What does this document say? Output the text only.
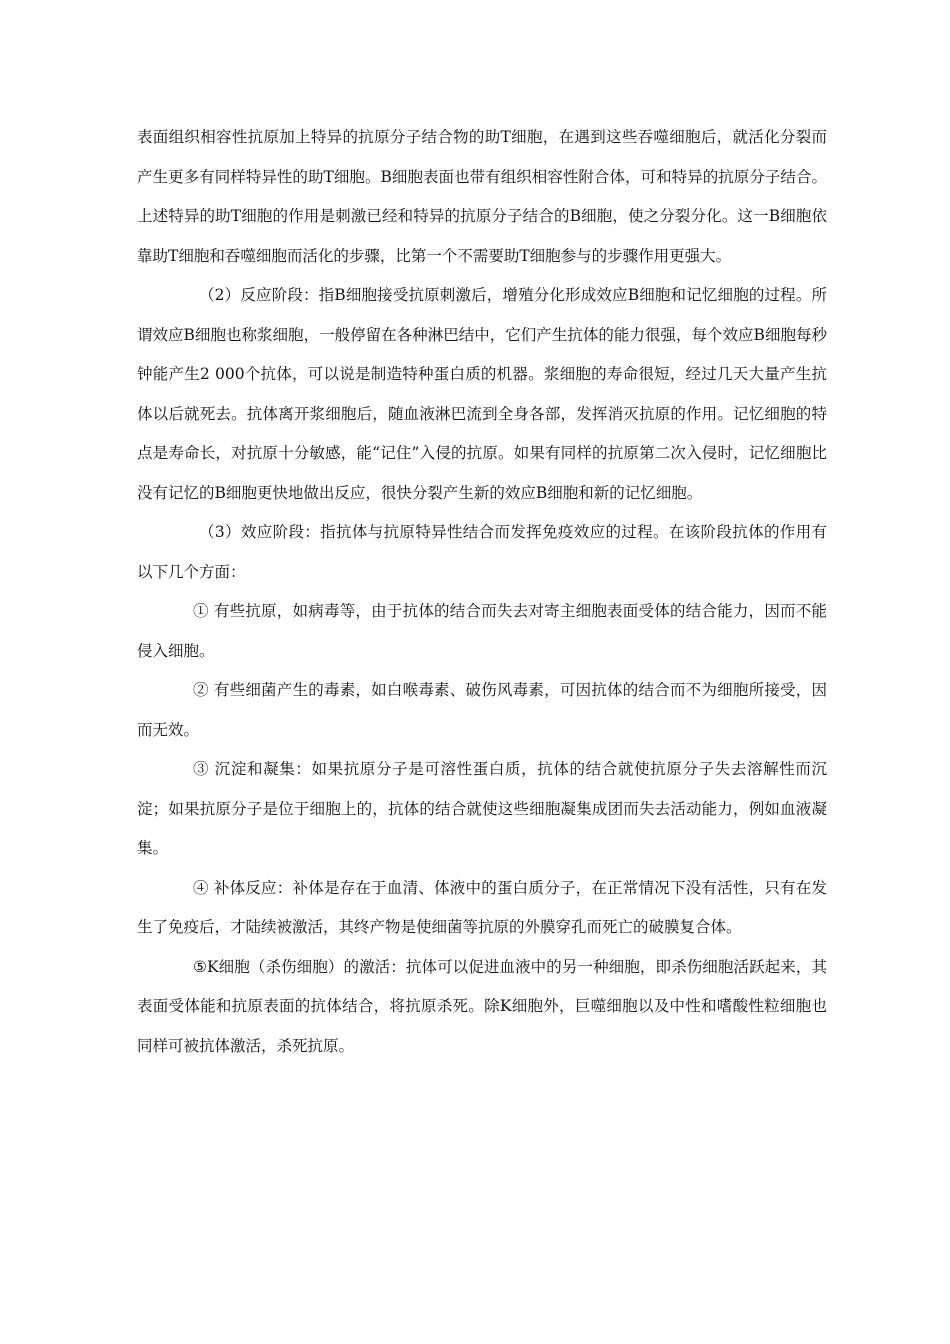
表面组织相容性抗原加上特异的抗原分子结合物的助T细胞，在遇到这些吞噬细胞后，就活化分裂而产生更多有同样特异性的助T细胞。B细胞表面也带有组织相容性附合体，可和特异的抗原分子结合。上述特异的助T细胞的作用是刺激已经和特异的抗原分子结合的B细胞，使之分裂分化。这一B细胞依靠助T细胞和吞噬细胞而活化的步骤，比第一个不需要助T细胞参与的步骤作用更强大。

（2）反应阶段：指B细胞接受抗原刺激后，增殖分化形成效应B细胞和记忆细胞的过程。所谓效应B细胞也称浆细胞，一般停留在各种淋巴结中，它们产生抗体的能力很强，每个效应B细胞每秒钟能产生2 000个抗体，可以说是制造特种蛋白质的机器。浆细胞的寿命很短，经过几天大量产生抗体以后就死去。抗体离开浆细胞后，随血液淋巴流到全身各部，发挥消灭抗原的作用。记忆细胞的特点是寿命长，对抗原十分敏感，能“记住”入侵的抗原。如果有同样的抗原第二次入侵时，记忆细胞比没有记忆的B细胞更快地做出反应，很快分裂产生新的效应B细胞和新的记忆细胞。

（3）效应阶段：指抗体与抗原特异性结合而发挥免疫效应的过程。在该阶段抗体的作用有以下几个方面：

① 有些抗原，如病毒等，由于抗体的结合而失去对寄主细胞表面受体的结合能力，因而不能侵入细胞。

② 有些细菌产生的毒素，如白喉毒素、破伤风毒素，可因抗体的结合而不为细胞所接受，因而无效。

③ 沉淀和凝集：如果抗原分子是可溶性蛋白质，抗体的结合就使抗原分子失去溶解性而沉淀；如果抗原分子是位于细胞上的，抗体的结合就使这些细胞凝集成团而失去活动能力，例如血液凝集。

④ 补体反应：补体是存在于血清、体液中的蛋白质分子，在正常情况下没有活性，只有在发生了免疫后，才陆续被激活，其终产物是使细菌等抗原的外膜穿孔而死亡的破膜复合体。

⑤K细胞（杀伤细胞）的激活：抗体可以促进血液中的另一种细胞，即杀伤细胞活跃起来，其表面受体能和抗原表面的抗体结合，将抗原杀死。除K细胞外，巨噬细胞以及中性和嗜酸性粒细胞也同样可被抗体激活，杀死抗原。
